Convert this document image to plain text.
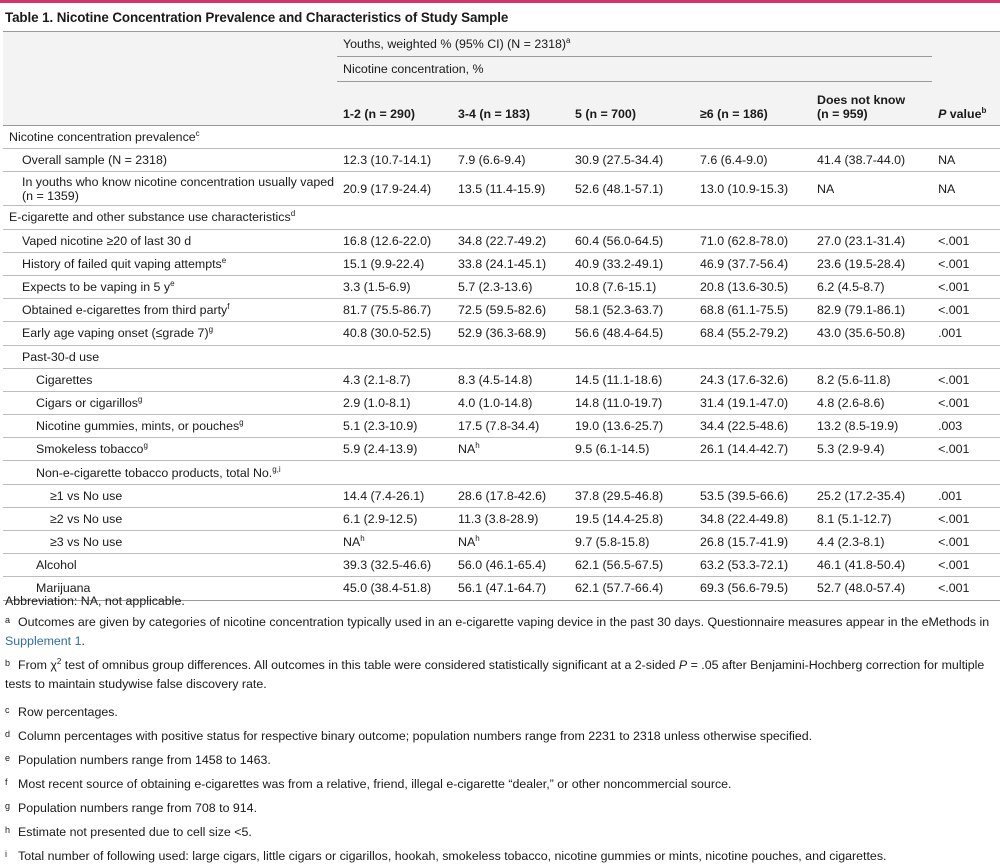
Table 1. Nicotine Concentration Prevalence and Characteristics of Study Sample
	Youths, weighted % (95% CI) (N = 2318)$^a$	
	Nicotine concentration, %					
	1-2 (n = 290)	3-4 (n = 183)	5 (n = 700)	≥6 (n = 186)	Does not know
(n = 959)	P value$^b$
Nicotine concentration prevalence$^c$						
Overall sample (N = 2318)	12.3 (10.7-14.1)	7.9 (6.6-9.4)	30.9 (27.5-34.4)	7.6 (6.4-9.0)	41.4 (38.7-44.0)	NA
In youths who know nicotine concentration usually vaped (n = 1359)	20.9 (17.9-24.4)	13.5 (11.4-15.9)	52.6 (48.1-57.1)	13.0 (10.9-15.3)	NA	NA
E-cigarette and other substance use characteristics$^d$						
Vaped nicotine ≥20 of last 30 d	16.8 (12.6-22.0)	34.8 (22.7-49.2)	60.4 (56.0-64.5)	71.0 (62.8-78.0)	27.0 (23.1-31.4)	<.001
History of failed quit vaping attempts$^e$	15.1 (9.9-22.4)	33.8 (24.1-45.1)	40.9 (33.2-49.1)	46.9 (37.7-56.4)	23.6 (19.5-28.4)	<.001
Expects to be vaping in 5 $y^e$	3.3 (1.5-6.9)	5.7 (2.3-13.6)	10.8 (7.6-15.1)	20.8 (13.6-30.5)	6.2 (4.5-8.7)	<.001
Obtained e-cigarettes from third party$^f$	81.7 (75.5-86.7)	72.5 (59.5-82.6)	58.1 (52.3-63.7)	68.8 (61.1-75.5)	82.9 (79.1-86.1)	<.001
Early age vaping onset (≤grade 7)$^g$	40.8 (30.0-52.5)	52.9 (36.3-68.9)	56.6 (48.4-64.5)	68.4 (55.2-79.2)	43.0 (35.6-50.8)	.001
Past-30-d use						
Cigarettes	4.3 (2.1-8.7)	8.3 (4.5-14.8)	14.5 (11.1-18.6)	24.3 (17.6-32.6)	8.2 (5.6-11.8)	<.001
Cigars or cigarillos$^g$	2.9 (1.0-8.1)	4.0 (1.0-14.8)	14.8 (11.0-19.7)	31.4 (19.1-47.0)	4.8 (2.6-8.6)	<.001
Nicotine gummies, mints, or pouches$^g$	5.1 (2.3-10.9)	17.5 (7.8-34.4)	19.0 (13.6-25.7)	34.4 (22.5-48.6)	13.2 (8.5-19.9)	.003
Smokeless tobacco$^g$	5.9 (2.4-13.9)	$NA^h$	9.5 (6.1-14.5)	26.1 (14.4-42.7)	5.3 (2.9-9.4)	<.001
Non-e-cigarette tobacco products, total No.$^{g,i}$						
≥1 vs No use	14.4 (7.4-26.1)	28.6 (17.8-42.6)	37.8 (29.5-46.8)	53.5 (39.5-66.6)	25.2 (17.2-35.4)	.001
≥2 vs No use	6.1 (2.9-12.5)	11.3 (3.8-28.9)	19.5 (14.4-25.8)	34.8 (22.4-49.8)	8.1 (5.1-12.7)	<.001
≥3 vs No use	$NA^h$	$NA^h$	9.7 (5.8-15.8)	26.8 (15.7-41.9)	4.4 (2.3-8.1)	<.001
Alcohol	39.3 (32.5-46.6)	56.0 (46.1-65.4)	62.1 (56.5-67.5)	63.2 (53.3-72.1)	46.1 (41.8-50.4)	<.001
Marijuana	45.0 (38.4-51.8)	56.1 (47.1-64.7)	62.1 (57.7-66.4)	69.3 (56.6-79.5)	52.7 (48.0-57.4)	<.001
Abbreviation: NA, not applicable.
a Outcomes are given by categories of nicotine concentration typically used in an e-cigarette vaping device in the past 30 days. Questionnaire measures appear in the eMethods in Supplement 1.
b From $\chi^2$ test of omnibus group differences. All outcomes in this table were considered statistically significant at a 2-sided P = .05 after Benjamini-Hochberg correction for multiple tests to maintain studywise false discovery rate.
c Row percentages.
d Column percentages with positive status for respective binary outcome; population numbers range from 2231 to 2318 unless otherwise specified.
e Population numbers range from 1458 to 1463.
f Most recent source of obtaining e-cigarettes was from a relative, friend, illegal e-cigarette “dealer,” or other noncommercial source.
g Population numbers range from 708 to 914.
h Estimate not presented due to cell size <5.
i Total number of following used: large cigars, little cigars or cigarillos, hookah, smokeless tobacco, nicotine gummies or mints, nicotine pouches, and cigarettes.
